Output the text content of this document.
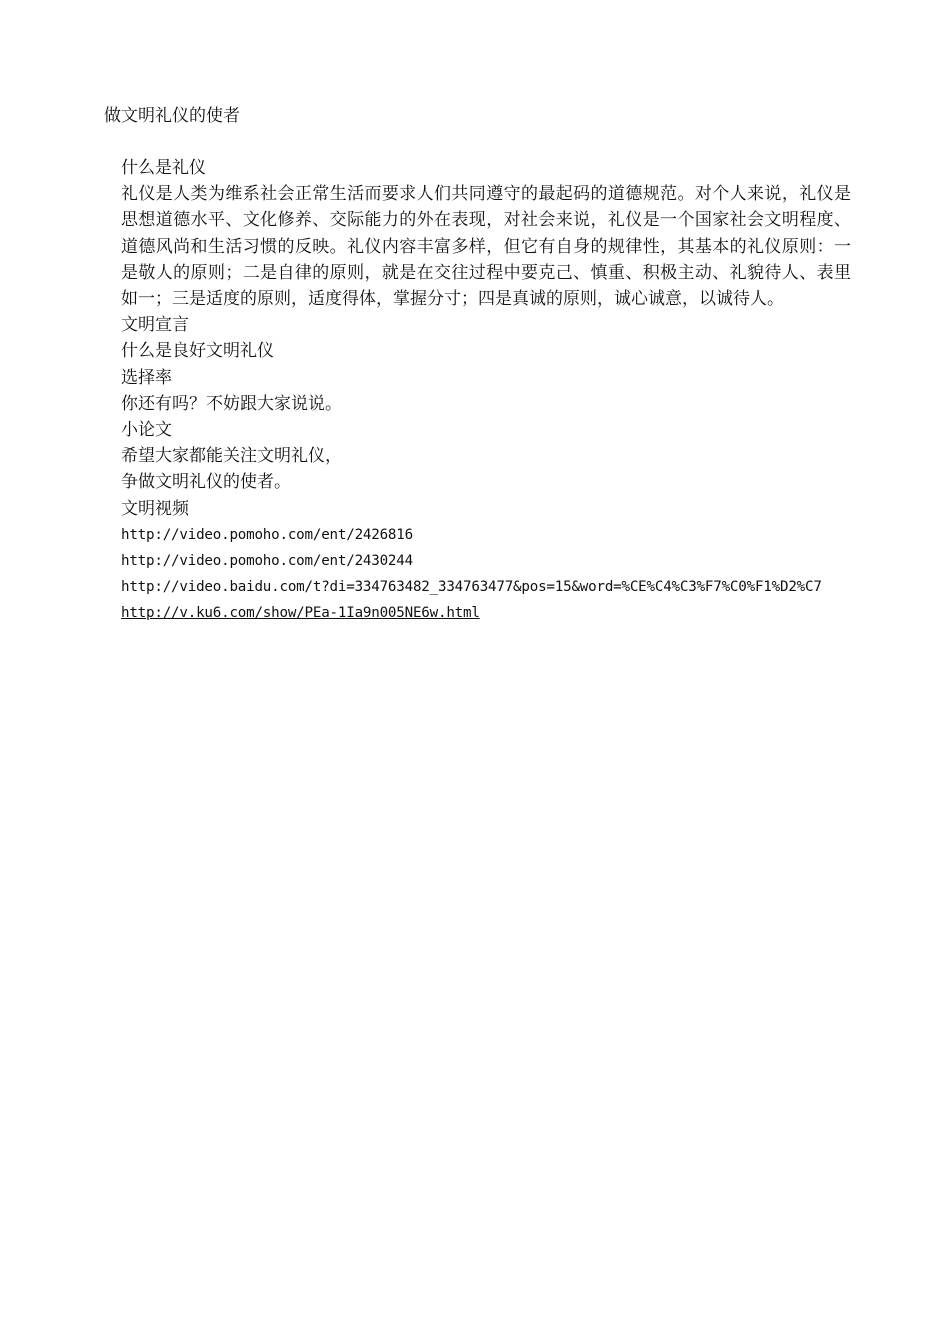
做文明礼仪的使者
什么是礼仪
礼仪是人类为维系社会正常生活而要求人们共同遵守的最起码的道德规范。对个人来说，礼仪是思想道德水平、文化修养、交际能力的外在表现，对社会来说，礼仪是一个国家社会文明程度、道德风尚和生活习惯的反映。礼仪内容丰富多样，但它有自身的规律性，其基本的礼仪原则：一是敬人的原则；二是自律的原则，就是在交往过程中要克己、慎重、积极主动、礼貌待人、表里如一；三是适度的原则，适度得体，掌握分寸；四是真诚的原则，诚心诚意，以诚待人。
文明宣言
什么是良好文明礼仪
选择率
你还有吗？不妨跟大家说说。
小论文
希望大家都能关注文明礼仪，
争做文明礼仪的使者。
文明视频
http://video.pomoho.com/ent/2426816
http://video.pomoho.com/ent/2430244
http://video.baidu.com/t?di=334763482_334763477&pos=15&word=%CE%C4%C3%F7%C0%F1%D2%C7
http://v.ku6.com/show/PEa-1Ia9n005NE6w.html
